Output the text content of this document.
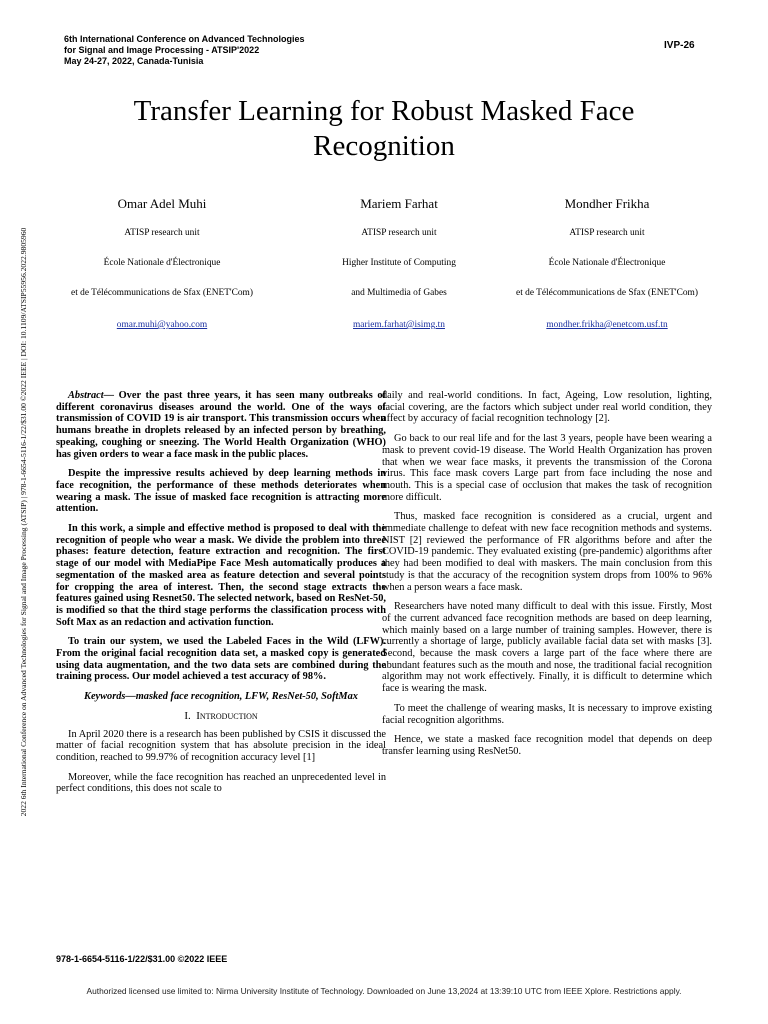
6th International Conference on Advanced Technologies
for Signal and Image Processing - ATSIP'2022
May 24-27, 2022, Canada-Tunisia
IVP-26
2022 6th International Conference on Advanced Technologies for Signal and Image Processing (ATSIP) | 978-1-6654-5116-1/22/$31.00 ©2022 IEEE | DOI: 10.1109/ATSIP55956.2022.9805960
Transfer Learning for Robust Masked Face Recognition
Omar Adel Muhi
ATISP research unit
École Nationale d'Électronique
et de Télécommunications de Sfax (ENET'Com)
omar.muhi@yahoo.com
Mariem Farhat
ATISP research unit
Higher Institute of Computing
and Multimedia of Gabes
mariem.farhat@isimg.tn
Mondher Frikha
ATISP research unit
École Nationale d'Électronique
et de Télécommunications de Sfax (ENET'Com)
mondher.frikha@enetcom.usf.tn

Abstract— Over the past three years, it has seen many outbreaks of different coronavirus diseases around the world. One of the ways of transmission of COVID 19 is air transport. This transmission occurs when humans breathe in droplets released by an infected person by breathing, speaking, coughing or sneezing. The World Health Organization (WHO) has given orders to wear a face mask in the public places.

Despite the impressive results achieved by deep learning methods in face recognition, the performance of these methods deteriorates when wearing a mask. The issue of masked face recognition is attracting more attention.

In this work, a simple and effective method is proposed to deal with the recognition of people who wear a mask. We divide the problem into three phases: feature detection, feature extraction and recognition. The first stage of our model with MediaPipe Face Mesh automatically produces a segmentation of the masked area as feature detection and several points for cropping the area of interest. Then, the second stage extracts the features gained using Resnet50. The selected network, based on ResNet-50, is modified so that the third stage performs the classification process with Soft Max as an redaction and activation function.

To train our system, we used the Labeled Faces in the Wild (LFW). From the original facial recognition data set, a masked copy is generated using data augmentation, and the two data sets are combined during the training process. Our model achieved a test accuracy of 98%.

Keywords—masked face recognition, LFW, ResNet-50, SoftMax

I. Introduction

In April 2020 there is a research has been published by CSIS it discussed the matter of facial recognition system that has absolute precision in the ideal condition, reached to 99.97% of recognition accuracy level [1]

Moreover, while the face recognition has reached an unprecedented level in perfect conditions, this does not scale to

daily and real-world conditions. In fact, Ageing, Low resolution, lighting, facial covering, are the factors which subject under real world condition, they affect by accuracy of facial recognition technology [2].

Go back to our real life and for the last 3 years, people have been wearing a mask to prevent covid-19 disease. The World Health Organization has proven that when we wear face masks, it prevents the transmission of the Corona virus. This face mask covers Large part from face including the nose and mouth. This is a special case of occlusion that makes the task of recognition more difficult.

Thus, masked face recognition is considered as a crucial, urgent and immediate challenge to defeat with new face recognition methods and systems. NIST [2] reviewed the performance of FR algorithms before and after the COVID-19 pandemic. They evaluated existing (pre-pandemic) algorithms after they had been modified to deal with maskers. The main conclusion from this study is that the accuracy of the recognition system drops from 100% to 96% when a person wears a face mask.

Researchers have noted many difficult to deal with this issue. Firstly, Most of the current advanced face recognition methods are based on deep learning, which mainly based on a large number of training samples. However, there is currently a shortage of large, publicly available facial data set with masks [3]. Second, because the mask covers a large part of the face where there are abundant features such as the mouth and nose, the traditional facial recognition algorithm may not work effectively. Finally, it is difficult to determine which face is wearing the mask.

To meet the challenge of wearing masks, It is necessary to improve existing facial recognition algorithms.

Hence, we state a masked face recognition model that depends on deep transfer learning using ResNet50.

978-1-6654-5116-1/22/$31.00 ©2022 IEEE
Authorized licensed use limited to: Nirma University Institute of Technology. Downloaded on June 13,2024 at 13:39:10 UTC from IEEE Xplore. Restrictions apply.
